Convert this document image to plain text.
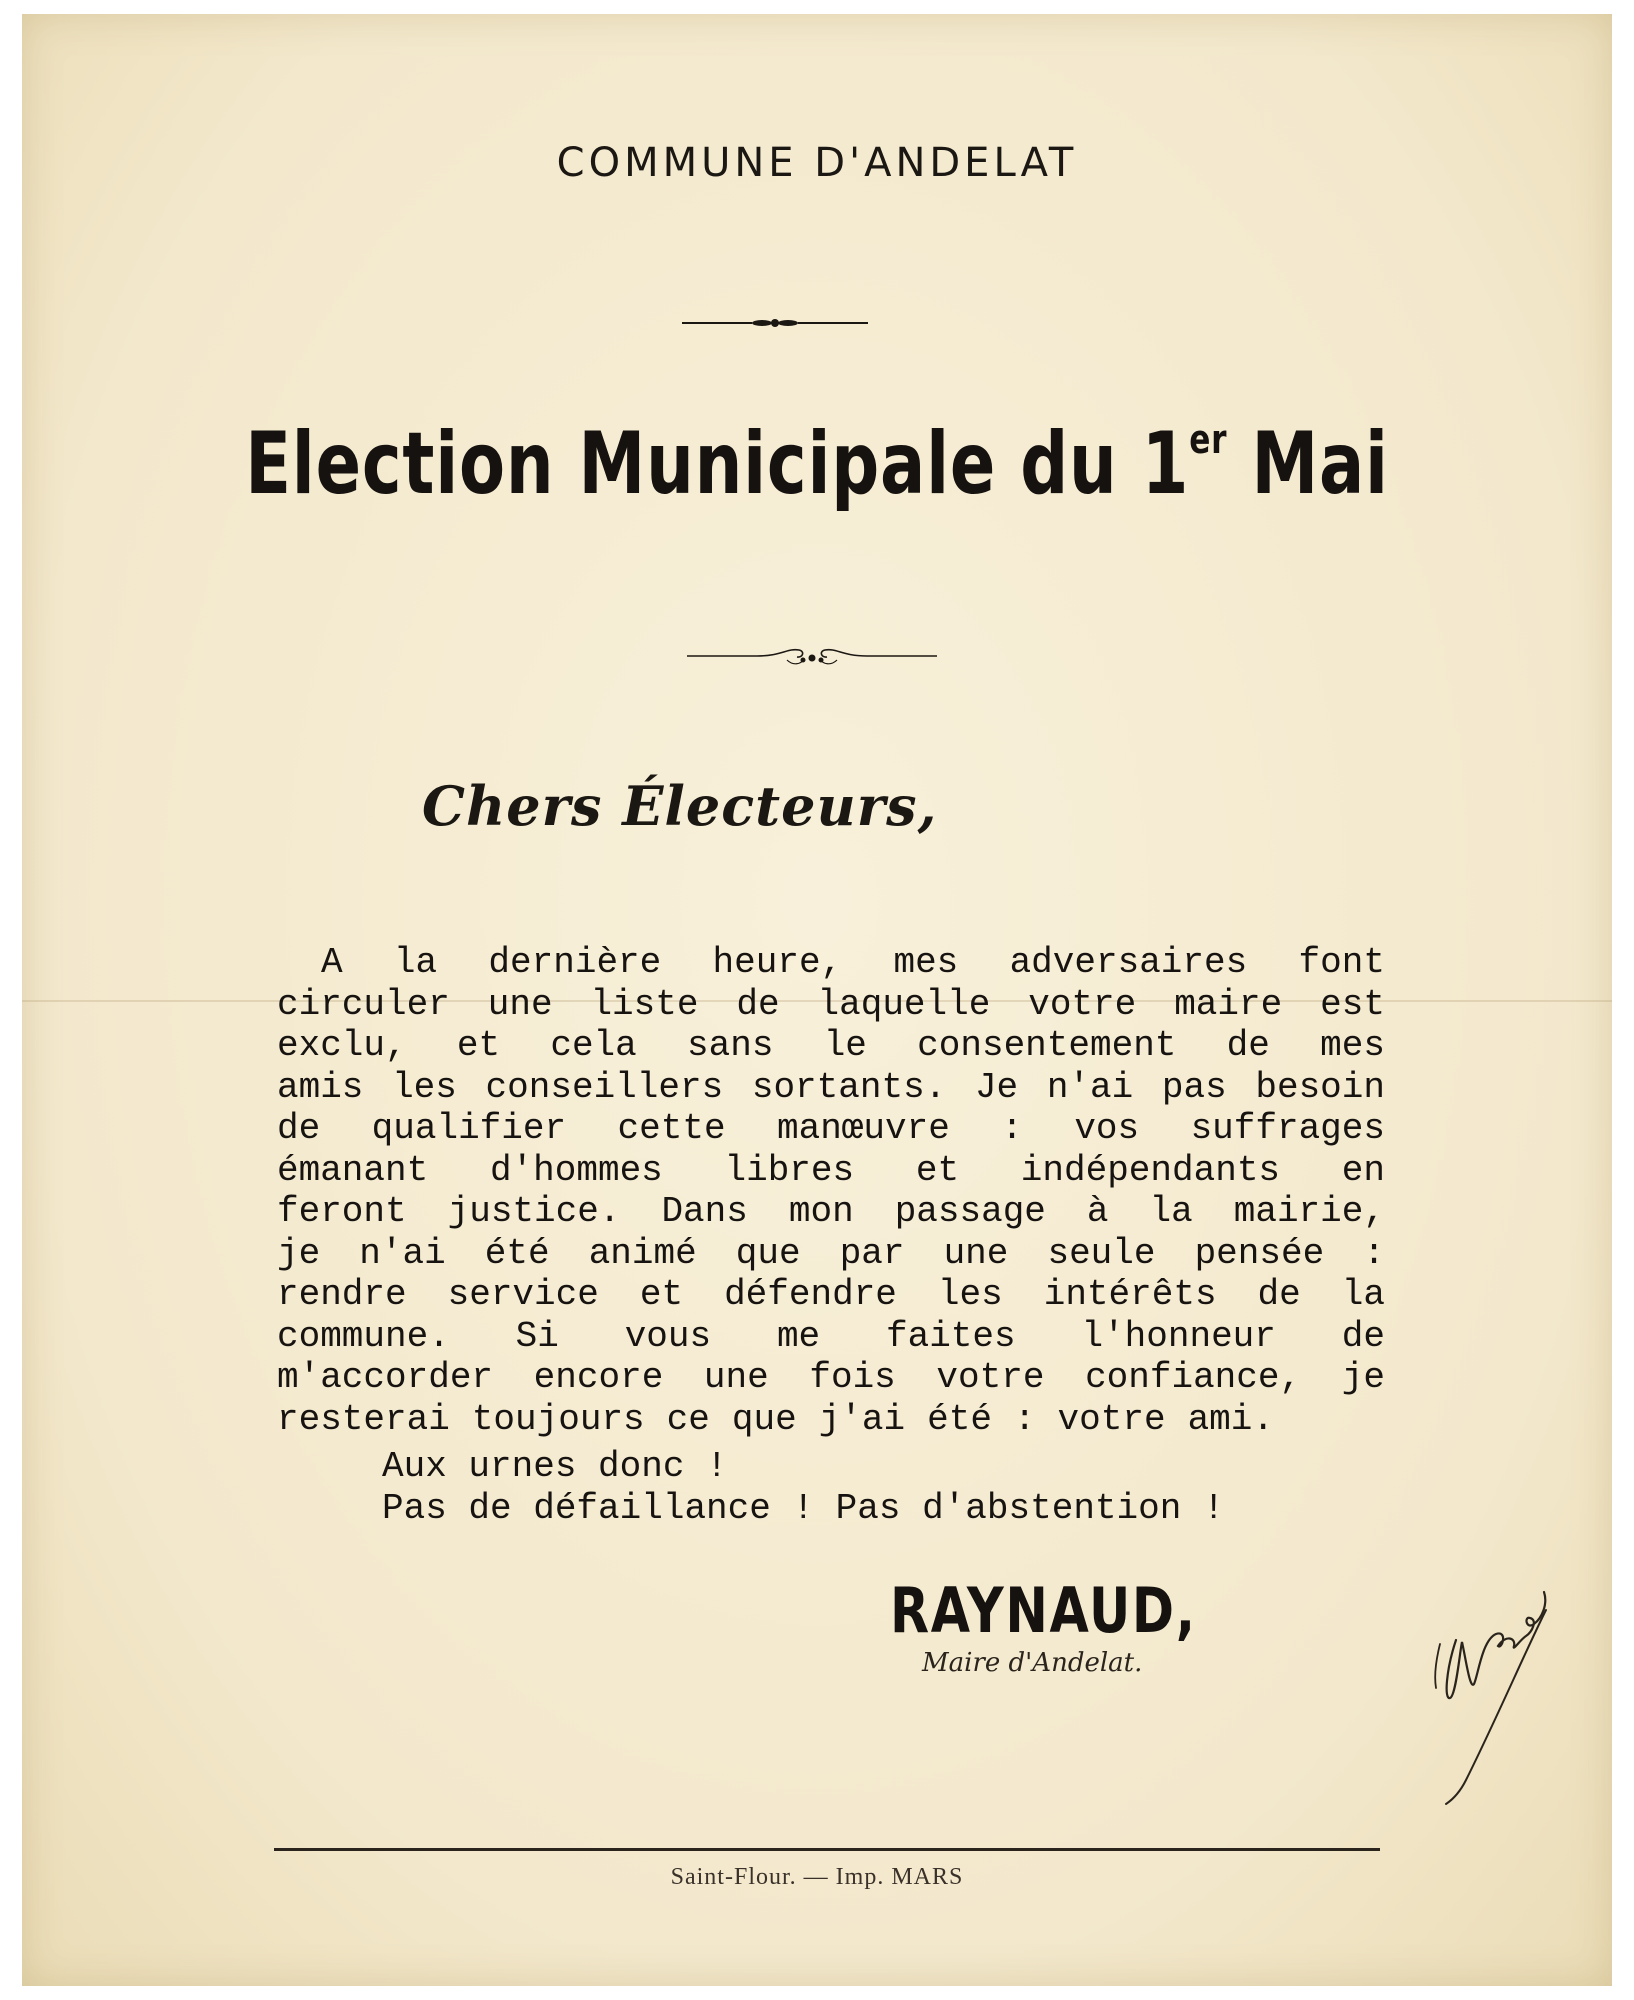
COMMUNE D'ANDELAT
Election Municipale du 1er Mai
Chers Électeurs,
A la dernière heure, mes adversaires font
circuler une liste de laquelle votre maire est
exclu, et cela sans le consentement de mes
amis les conseillers sortants. Je n'ai pas besoin
de qualifier cette manœuvre : vos suffrages
émanant d'hommes libres et indépendants en
feront justice. Dans mon passage à la mairie,
je n'ai été animé que par une seule pensée :
rendre service et défendre les intérêts de la
commune. Si vous me faites l'honneur de
m'accorder encore une fois votre confiance, je
resterai toujours ce que j'ai été : votre ami.
Aux urnes donc !
Pas de défaillance ! Pas d'abstention !
RAYNAUD,
Maire d'Andelat.
Saint-Flour. — Imp. MARS
